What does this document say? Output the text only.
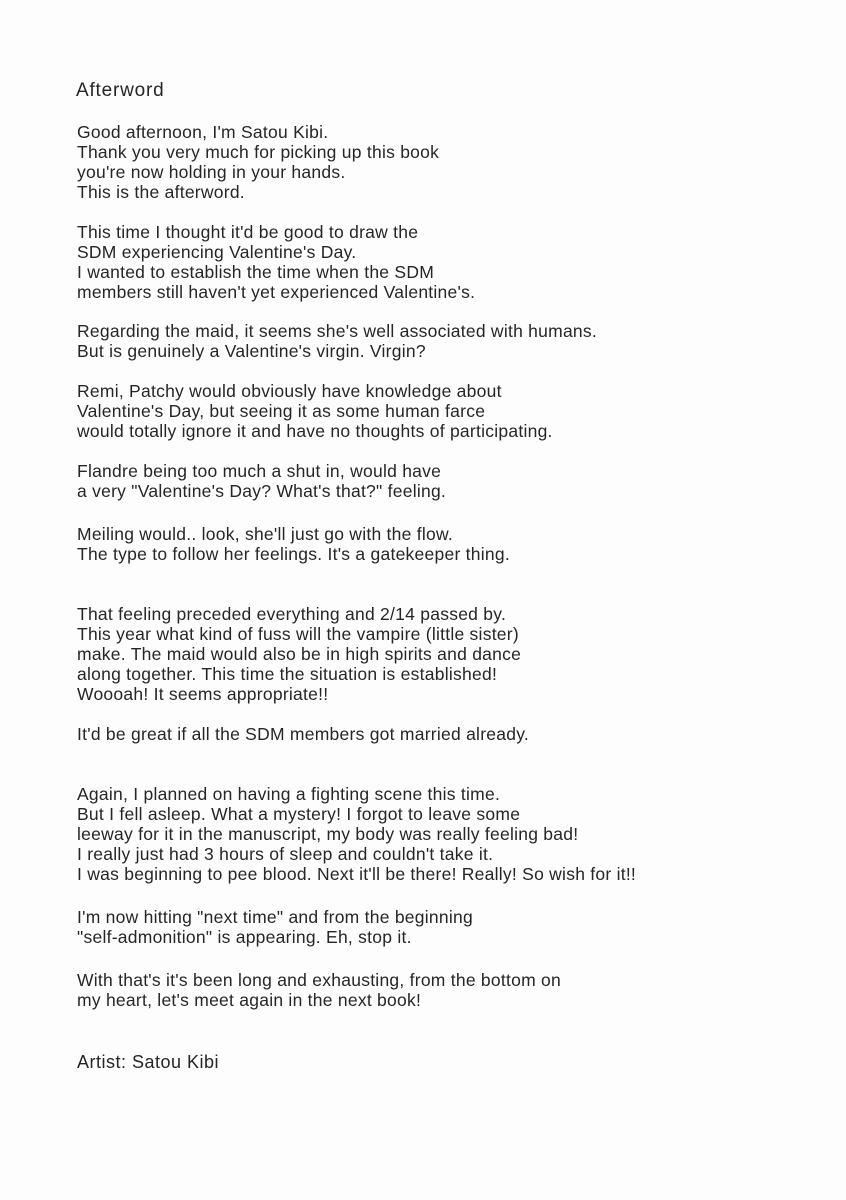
Afterword
Good afternoon, I'm Satou Kibi.
Thank you very much for picking up this book
you're now holding in your hands.
This is the afterword.
This time I thought it'd be good to draw the
SDM experiencing Valentine's Day.
I wanted to establish the time when the SDM
members still haven't yet experienced Valentine's.
Regarding the maid, it seems she's well associated with humans.
But is genuinely a Valentine's virgin. Virgin?
Remi, Patchy would obviously have knowledge about
Valentine's Day, but seeing it as some human farce
would totally ignore it and have no thoughts of participating.
Flandre being too much a shut in, would have
a very "Valentine's Day? What's that?" feeling.
Meiling would.. look, she'll just go with the flow.
The type to follow her feelings. It's a gatekeeper thing.
That feeling preceded everything and 2/14 passed by.
This year what kind of fuss will the vampire (little sister)
make. The maid would also be in high spirits and dance
along together. This time the situation is established!
Woooah! It seems appropriate!!
It'd be great if all the SDM members got married already.
Again, I planned on having a fighting scene this time.
But I fell asleep. What a mystery! I forgot to leave some
leeway for it in the manuscript, my body was really feeling bad!
I really just had 3 hours of sleep and couldn't take it.
I was beginning to pee blood. Next it'll be there! Really! So wish for it!!
I'm now hitting "next time" and from the beginning
"self-admonition" is appearing. Eh, stop it.
With that's it's been long and exhausting, from the bottom on
my heart, let's meet again in the next book!
Artist: Satou Kibi
